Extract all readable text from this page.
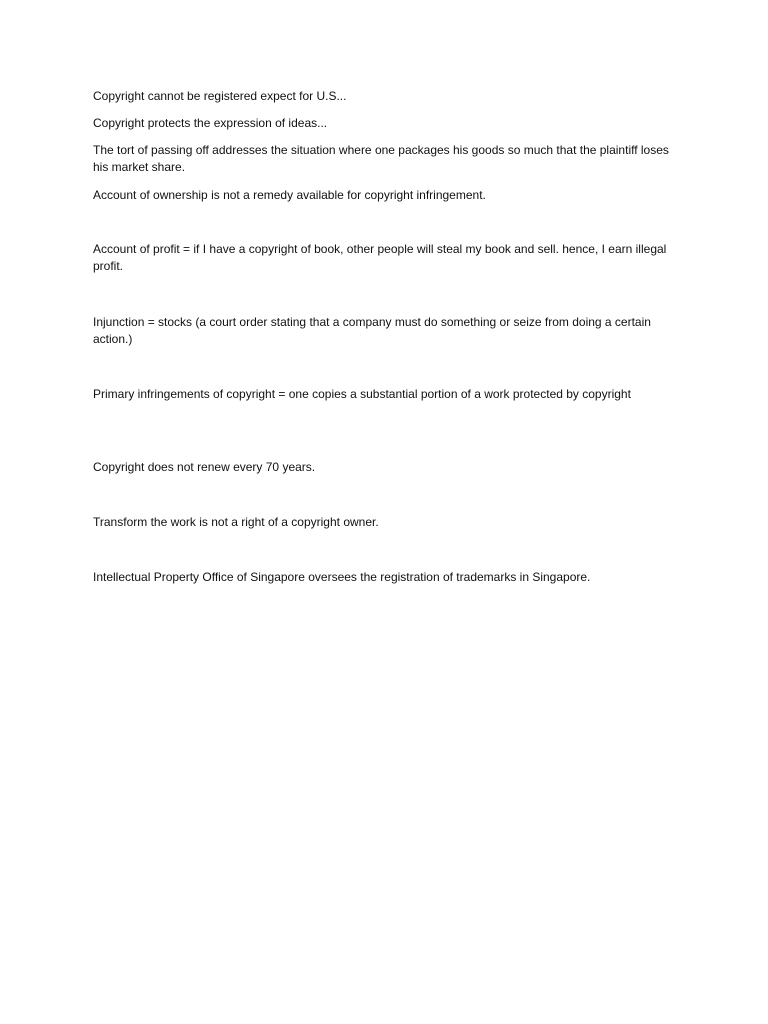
Copyright cannot be registered expect for U.S...

Copyright protects the expression of ideas...

The tort of passing off addresses the situation where one packages his goods so much that the plaintiff loses his market share.

Account of ownership is not a remedy available for copyright infringement.

Account of profit = if I have a copyright of book, other people will steal my book and sell. hence, I earn illegal profit.

Injunction = stocks (a court order stating that a company must do something or seize from doing a certain action.)

Primary infringements of copyright = one copies a substantial portion of a work protected by copyright

Copyright does not renew every 70 years.

Transform the work is not a right of a copyright owner.

Intellectual Property Office of Singapore oversees the registration of trademarks in Singapore.
